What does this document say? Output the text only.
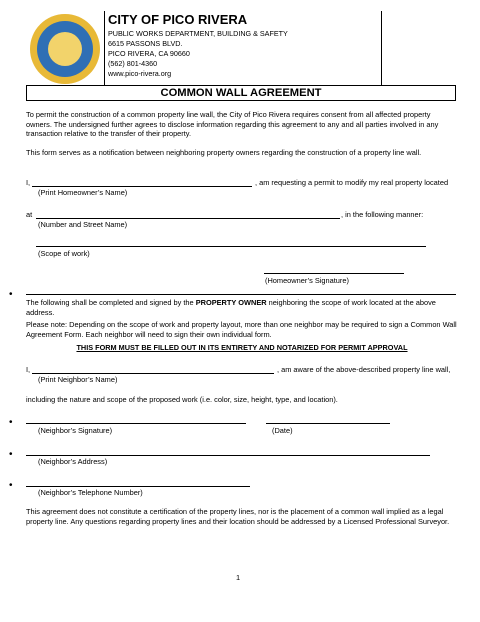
CITY OF PICO RIVERA
PUBLIC WORKS DEPARTMENT, BUILDING & SAFETY
6615 PASSONS BLVD.
PICO RIVERA, CA 90660
(562) 801-4360
www.pico-rivera.org
COMMON WALL AGREEMENT
To permit the construction of a common property line wall, the City of Pico Rivera requires consent from all affected property owners. The undersigned further agrees to disclose information regarding this agreement to any and all parties involved in any transaction relative to the transfer of their property.
This form serves as a notification between neighboring property owners regarding the construction of a property line wall.
I,	, am requesting a permit to modify my real property located
(Print Homeowner’s Name)
at	, in the following manner:
(Number and Street Name)
(Scope of work)
(Homeowner’s Signature)
•
The following shall be completed and signed by the PROPERTY OWNER neighboring the scope of work located at the above address.
Please note: Depending on the scope of work and property layout, more than one neighbor may be required to sign a Common Wall Agreement Form. Each neighbor will need to sign their own individual form.
THIS FORM MUST BE FILLED OUT IN ITS ENTIRETY AND NOTARIZED FOR PERMIT APPROVAL
I,	, am aware of the above-described property line wall,
(Print Neighbor’s Name)
including the nature and scope of the proposed work (i.e. color, size, height, type, and location).
•
(Neighbor’s Signature)	(Date)
•
(Neighbor’s Address)
•
(Neighbor’s Telephone Number)
This agreement does not constitute a certification of the property lines, nor is the placement of a common wall implied as a legal property line. Any questions regarding property lines and their location should be addressed by a Licensed Professional Surveyor.
1
